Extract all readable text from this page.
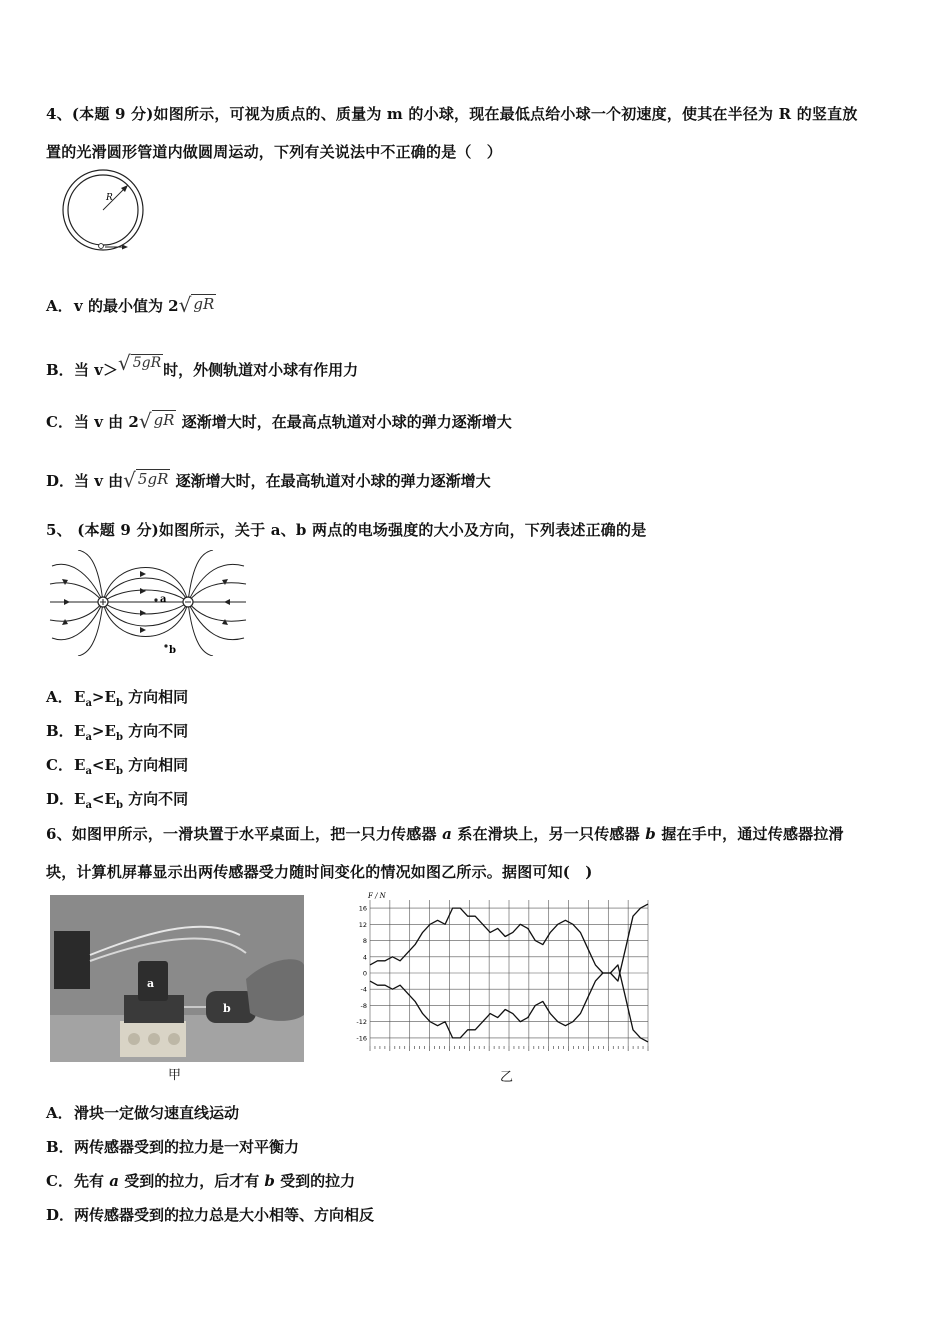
4、(本题 9 分)如图所示，可视为质点的、质量为 m 的小球，现在最低点给小球一个初速度，使其在半径为 R 的竖直放
置的光滑圆形管道内做圆周运动，下列有关说法中不正确的是（　）
R
A．v 的最小值为 2√ gR
B．当 v＞√ 5gR 时，外侧轨道对小球有作用力
C．当 v 由 2√ gR 逐渐增大时，在最高点轨道对小球的弹力逐渐增大
D．当 v 由√ 5gR 逐渐增大时，在最高轨道对小球的弹力逐渐增大
5、 (本题 9 分)如图所示，关于 a、b 两点的电场强度的大小及方向，下列表述正确的是
a
b
A．$E_a>E_b$ 方向相同
B．$E_a>E_b$ 方向不同
C．$E_a<E_b$ 方向相同
D．$E_a<E_b$ 方向不同
6、如图甲所示，一滑块置于水平桌面上，把一只力传感器 a 系在滑块上，另一只传感器 b 握在手中，通过传感器拉滑
块，计算机屏幕显示出两传感器受力随时间变化的情况如图乙所示。据图可知(　)
a
b
甲
16
12
8
4
0
-4
-8
-12
-16
F / N
乙
A．滑块一定做匀速直线运动
B．两传感器受到的拉力是一对平衡力
C．先有 a 受到的拉力，后才有 b 受到的拉力
D．两传感器受到的拉力总是大小相等、方向相反
